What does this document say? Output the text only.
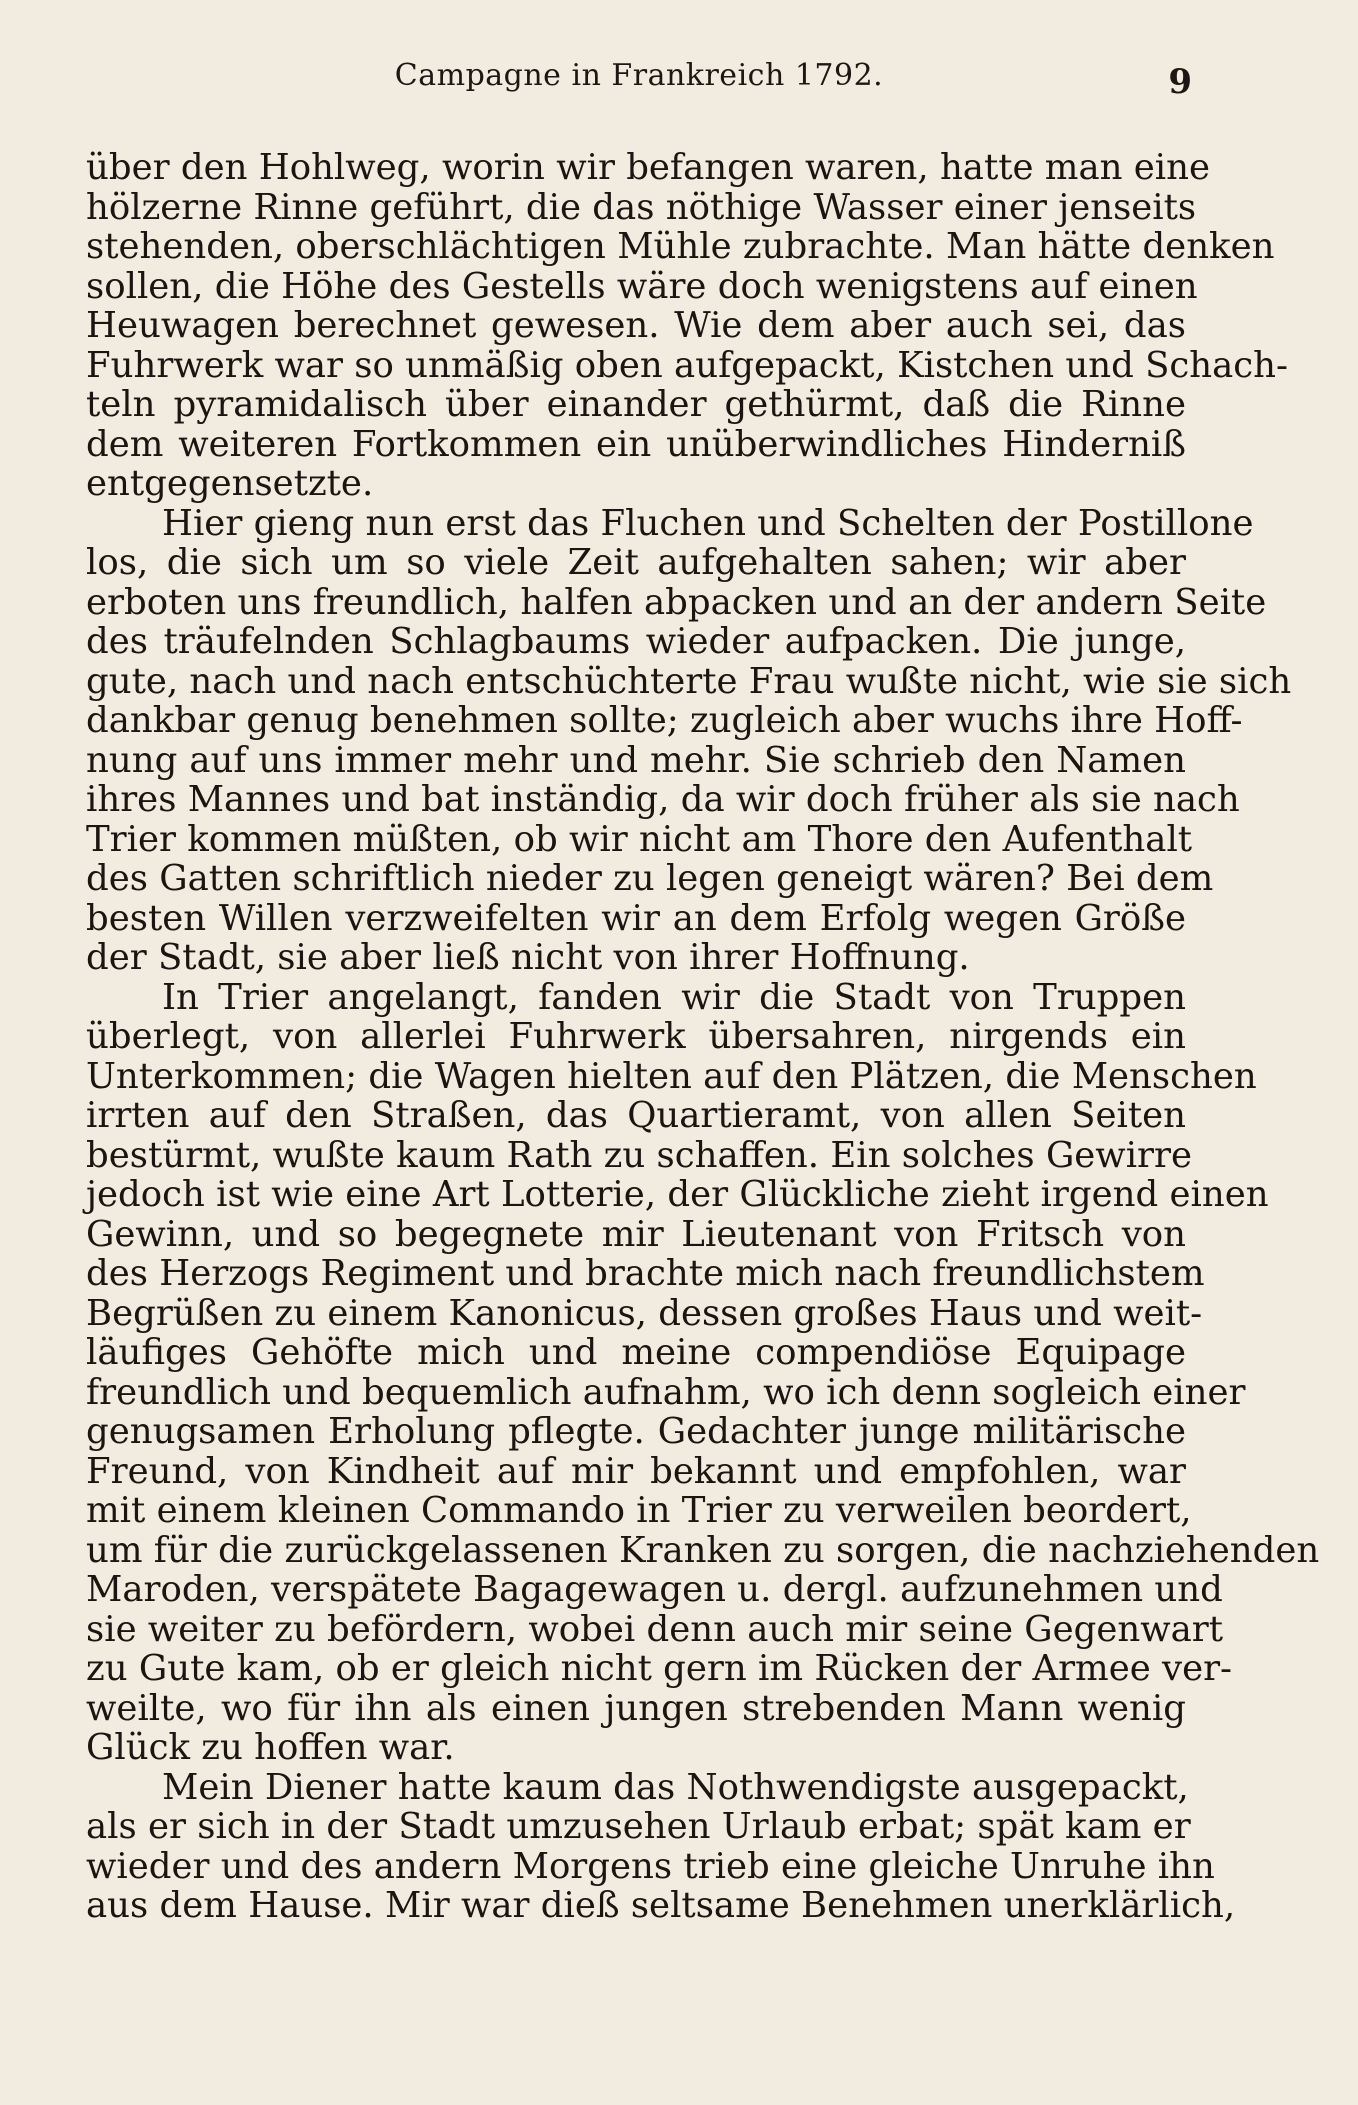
Campagne in Frankreich 1792.	9
über den Hohlweg, worin wir befangen waren, hatte man eine
hölzerne Rinne geführt, die das nöthige Wasser einer jenseits
stehenden, oberschlächtigen Mühle zubrachte. Man hätte denken
sollen, die Höhe des Gestells wäre doch wenigstens auf einen
Heuwagen berechnet gewesen. Wie dem aber auch sei, das
Fuhrwerk war so unmäßig oben aufgepackt, Kistchen und Schach-
teln pyramidalisch über einander gethürmt, daß die Rinne
dem weiteren Fortkommen ein unüberwindliches Hinderniß
entgegensetzte.
Hier gieng nun erst das Fluchen und Schelten der Postillone
los, die sich um so viele Zeit aufgehalten sahen; wir aber
erboten uns freundlich, halfen abpacken und an der andern Seite
des träufelnden Schlagbaums wieder aufpacken. Die junge,
gute, nach und nach entschüchterte Frau wußte nicht, wie sie sich
dankbar genug benehmen sollte; zugleich aber wuchs ihre Hoff-
nung auf uns immer mehr und mehr. Sie schrieb den Namen
ihres Mannes und bat inständig, da wir doch früher als sie nach
Trier kommen müßten, ob wir nicht am Thore den Aufenthalt
des Gatten schriftlich nieder zu legen geneigt wären? Bei dem
besten Willen verzweifelten wir an dem Erfolg wegen Größe
der Stadt, sie aber ließ nicht von ihrer Hoffnung.
In Trier angelangt, fanden wir die Stadt von Truppen
überlegt, von allerlei Fuhrwerk übersahren, nirgends ein
Unterkommen; die Wagen hielten auf den Plätzen, die Menschen
irrten auf den Straßen, das Quartieramt, von allen Seiten
bestürmt, wußte kaum Rath zu schaffen. Ein solches Gewirre
jedoch ist wie eine Art Lotterie, der Glückliche zieht irgend einen
Gewinn, und so begegnete mir Lieutenant von Fritsch von
des Herzogs Regiment und brachte mich nach freundlichstem
Begrüßen zu einem Kanonicus, dessen großes Haus und weit-
läufiges Gehöfte mich und meine compendiöse Equipage
freundlich und bequemlich aufnahm, wo ich denn sogleich einer
genugsamen Erholung pflegte. Gedachter junge militärische
Freund, von Kindheit auf mir bekannt und empfohlen, war
mit einem kleinen Commando in Trier zu verweilen beordert,
um für die zurückgelassenen Kranken zu sorgen, die nachziehenden
Maroden, verspätete Bagagewagen u. dergl. aufzunehmen und
sie weiter zu befördern, wobei denn auch mir seine Gegenwart
zu Gute kam, ob er gleich nicht gern im Rücken der Armee ver-
weilte, wo für ihn als einen jungen strebenden Mann wenig
Glück zu hoffen war.
Mein Diener hatte kaum das Nothwendigste ausgepackt,
als er sich in der Stadt umzusehen Urlaub erbat; spät kam er
wieder und des andern Morgens trieb eine gleiche Unruhe ihn
aus dem Hause. Mir war dieß seltsame Benehmen unerklärlich,
